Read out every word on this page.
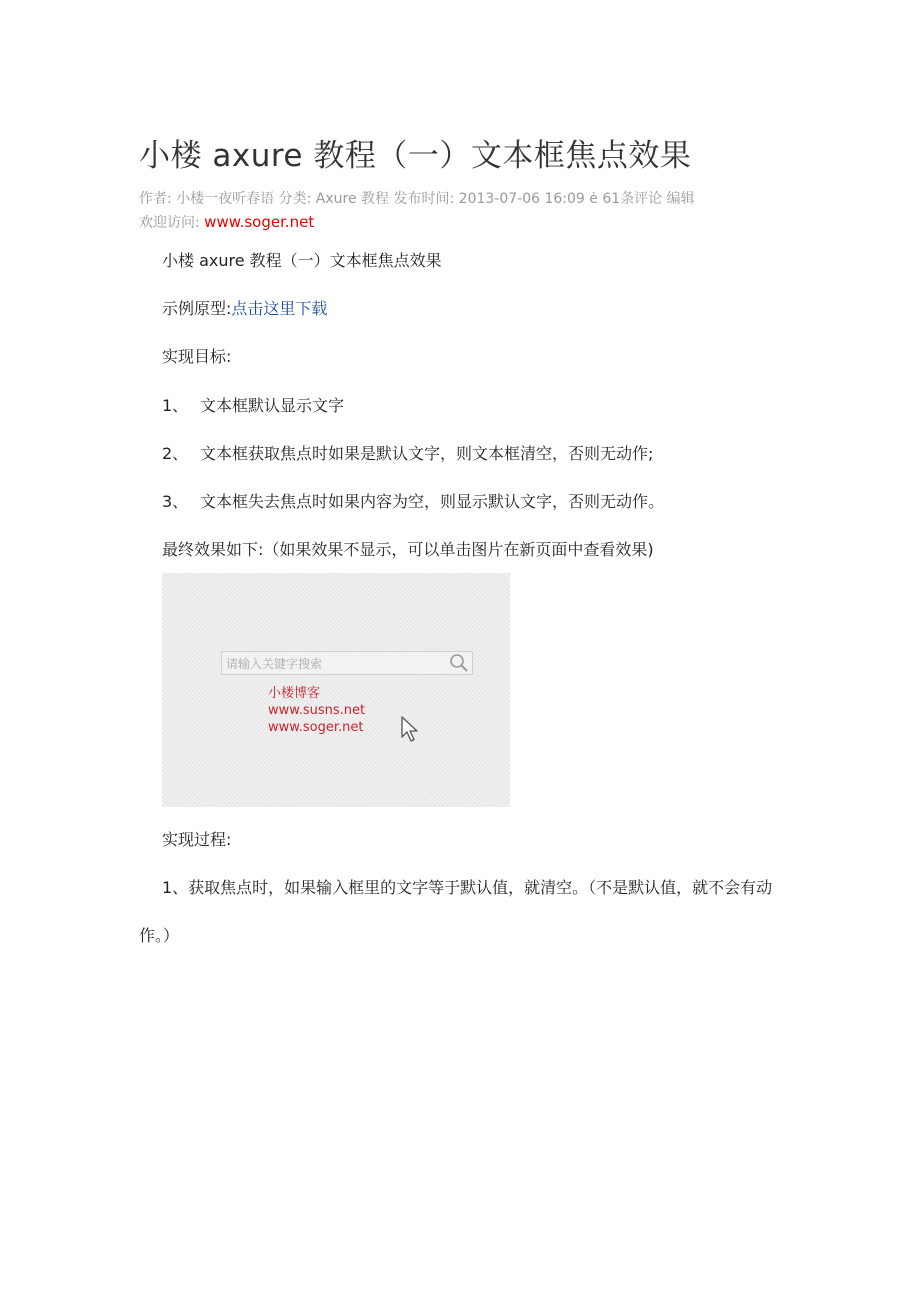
小楼 axure 教程（一）文本框焦点效果
作者: 小楼一夜听春语 分类: Axure 教程 发布时间: 2013-07-06 16:09 ė 61条评论 编辑
欢迎访问: www.soger.net
小楼 axure 教程（一）文本框焦点效果
示例原型:点击这里下载
实现目标:
1、 文本框默认显示文字
2、 文本框获取焦点时如果是默认文字，则文本框清空，否则无动作;
3、 文本框失去焦点时如果内容为空，则显示默认文字，否则无动作。
最终效果如下:（如果效果不显示，可以单击图片在新页面中查看效果)
请输入关键字搜索
小楼博客
www.susns.net
www.soger.net
实现过程:
1、获取焦点时，如果输入框里的文字等于默认值，就清空。（不是默认值，就不会有动
作。）
